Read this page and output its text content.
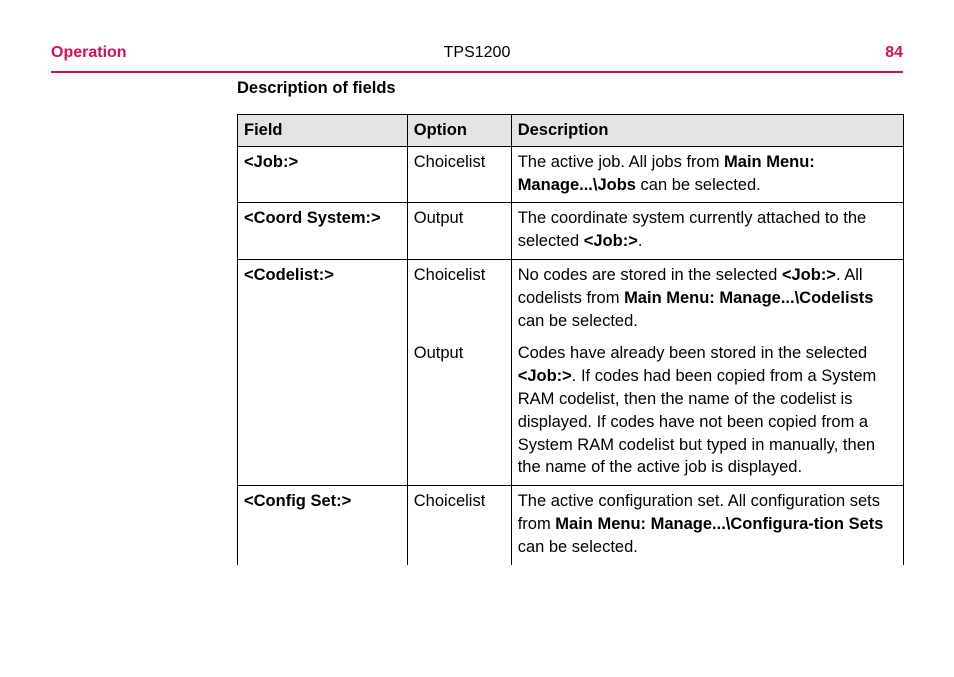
TPS1200
Operation	84
Description of fields
Field	Option	Description
<Job:>	Choicelist	The active job. All jobs from Main Menu: Manage...\Jobs can be selected.
<Coord System:>	Output	The coordinate system currently attached to the selected <Job:>.
<Codelist:>	Choicelist	No codes are stored in the selected <Job:>. All codelists from Main Menu: Manage...\Codelists can be selected.
	Output	Codes have already been stored in the selected <Job:>. If codes had been copied from a System RAM codelist, then the name of the codelist is displayed. If codes have not been copied from a System RAM codelist but typed in manually, then the name of the active job is displayed.
<Config Set:>	Choicelist	The active configuration set. All configuration sets from Main Menu: Manage...\Configura-tion Sets can be selected.
